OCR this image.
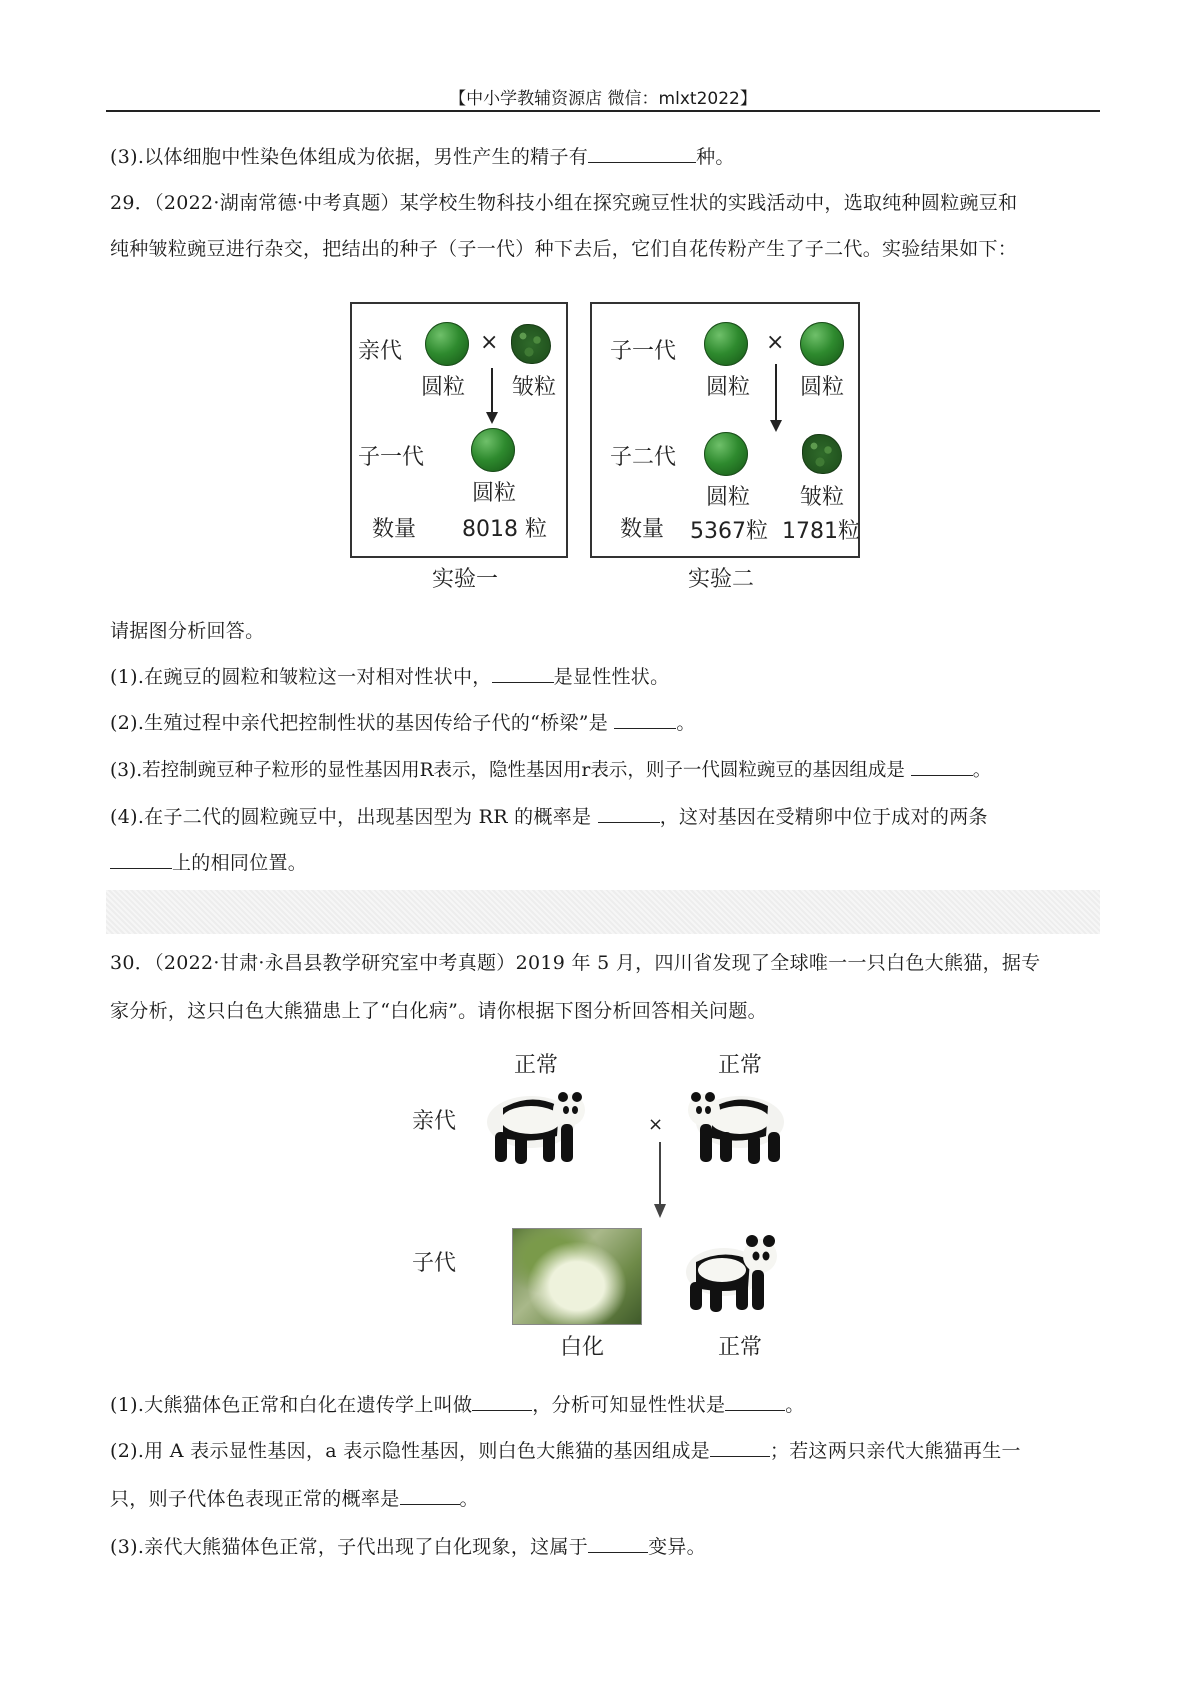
【中小学教辅资源店 微信：mlxt2022】
(3).以体细胞中性染色体组成为依据，男性产生的精子有	种。
29．（2022·湖南常德·中考真题）某学校生物科技小组在探究豌豆性状的实践活动中，选取纯种圆粒豌豆和
纯种皱粒豌豆进行杂交，把结出的种子（子一代）种下去后，它们自花传粉产生了子二代。实验结果如下：
亲代	×
圆粒 皱粒
子一代
圆粒
数量 8018 粒
实验一
子一代	×
圆粒 圆粒
子二代
圆粒 皱粒
数量 5367粒 1781粒
实验二
请据图分析回答。
(1).在豌豆的圆粒和皱粒这一对相对性状中，	是显性性状。
(2).生殖过程中亲代把控制性状的基因传给子代的“桥梁”是	。
(3).若控制豌豆种子粒形的显性基因用R表示，隐性基因用r表示，则子一代圆粒豌豆的基因组成是	。
(4).在子二代的圆粒豌豆中，出现基因型为 RR 的概率是	，这对基因在受精卵中位于成对的两条
上的相同位置。
30．（2022·甘肃·永昌县教学研究室中考真题）2019 年 5 月，四川省发现了全球唯一一只白色大熊猫，据专
家分析，这只白色大熊猫患上了“白化病”。请你根据下图分析回答相关问题。
正常	正常
亲代	×
子代
白化	正常
(1).大熊猫体色正常和白化在遗传学上叫做	，分析可知显性性状是	。
(2).用 A 表示显性基因，a 表示隐性基因，则白色大熊猫的基因组成是	；若这两只亲代大熊猫再生一
只，则子代体色表现正常的概率是	。
(3).亲代大熊猫体色正常，子代出现了白化现象，这属于	变异。
